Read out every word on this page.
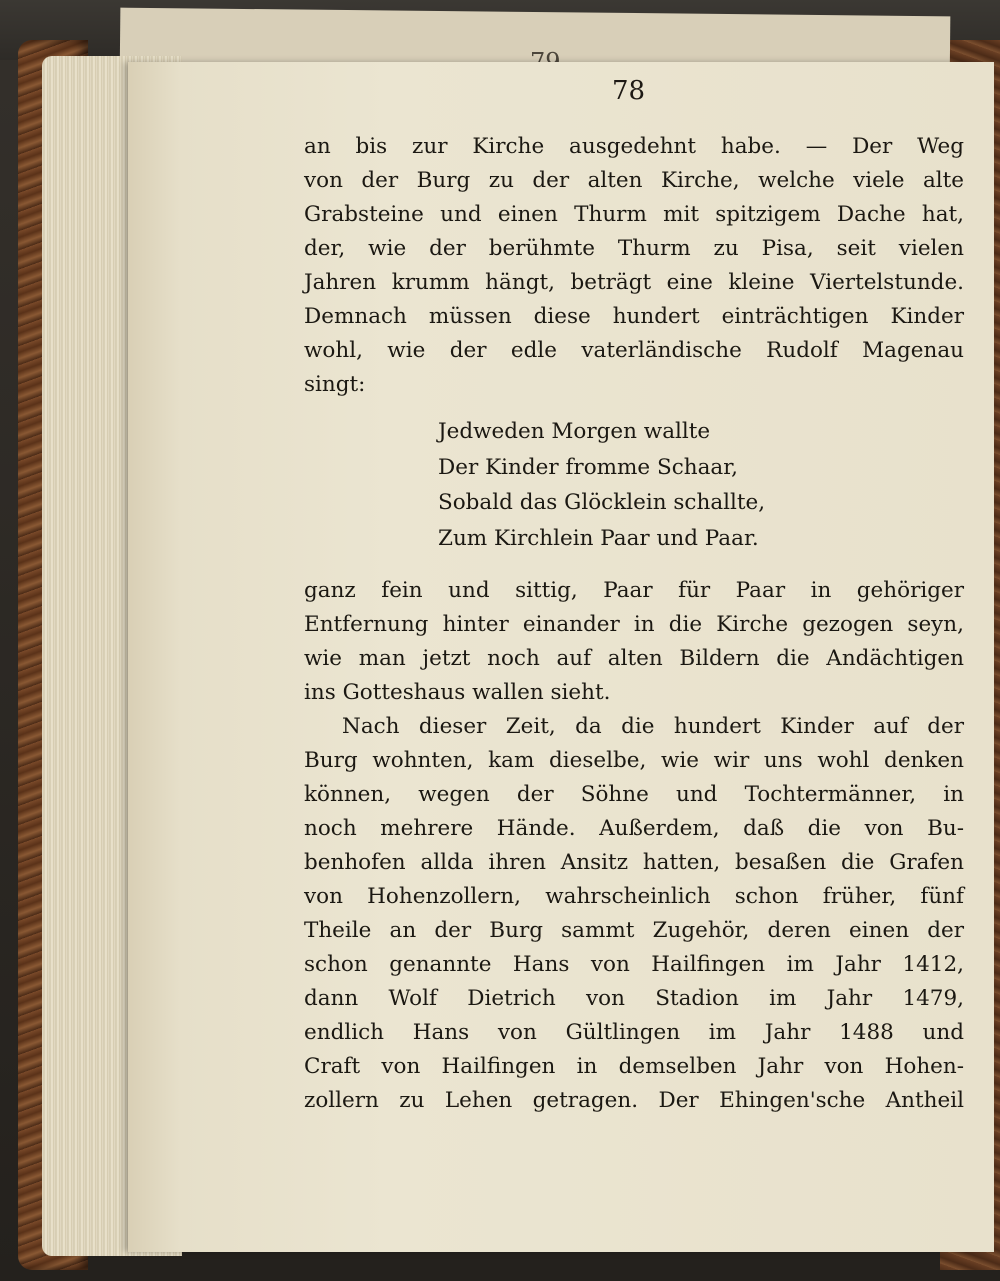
78
an bis zur Kirche ausgedehnt habe. — Der Weg
von der Burg zu der alten Kirche, welche viele alte
Grabsteine und einen Thurm mit spitzigem Dache hat,
der, wie der berühmte Thurm zu Pisa, seit vielen
Jahren krumm hängt, beträgt eine kleine Viertelstunde.
Demnach müssen diese hundert einträchtigen Kinder
wohl, wie der edle vaterländische Rudolf Magenau
singt:
Jedweden Morgen wallte
Der Kinder fromme Schaar,
Sobald das Glöcklein schallte,
Zum Kirchlein Paar und Paar.
ganz fein und sittig, Paar für Paar in gehöriger
Entfernung hinter einander in die Kirche gezogen seyn,
wie man jetzt noch auf alten Bildern die Andächtigen
ins Gotteshaus wallen sieht.
Nach dieser Zeit, da die hundert Kinder auf der
Burg wohnten, kam dieselbe, wie wir uns wohl denken
können, wegen der Söhne und Tochtermänner, in
noch mehrere Hände. Außerdem, daß die von Bu-
benhofen allda ihren Ansitz hatten, besaßen die Grafen
von Hohenzollern, wahrscheinlich schon früher, fünf
Theile an der Burg sammt Zugehör, deren einen der
schon genannte Hans von Hailfingen im Jahr 1412,
dann Wolf Dietrich von Stadion im Jahr 1479,
endlich Hans von Gültlingen im Jahr 1488 und
Craft von Hailfingen in demselben Jahr von Hohen-
zollern zu Lehen getragen. Der Ehingen'sche Antheil
